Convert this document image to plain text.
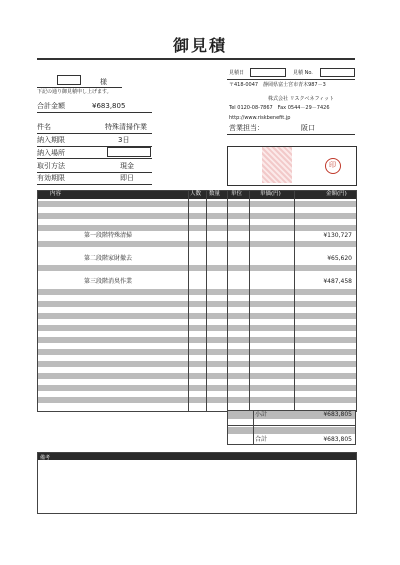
御見積
様
下記の通り御見積申し上げます。
合計金額	¥683,805
件名	特殊清掃作業
納入期限	3日
納入場所
取引方法	現金
有効期限	即日
見積日	見積 No.
〒418-0047　静岡県富士宮市青木987－3
株式会社 リスクベネフィット
Tel 0120-08-7867　Fax 0544－29－7426
http://www.riskbenefit.jp
営業担当：	阪口
印
内容	人数 数量 単位	単価(円)	金額(円)
第一段階特殊清掃	¥130,727
第二段階家財撤去	¥65,620
第三段階消臭作業	¥487,458
小計	¥683,805
合計	¥683,805
備考
